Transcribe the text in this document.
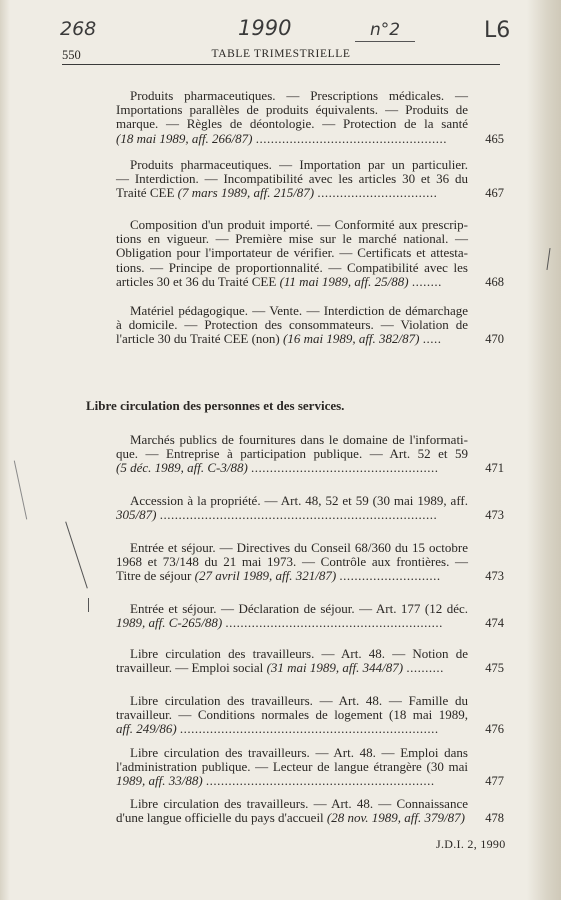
268	1990	n°2	L6
550	TABLE TRIMESTRIELLE
Produits pharmaceutiques. — Prescriptions médicales. —
Importations parallèles de produits équivalents. — Produits de
marque. — Règles de déontologie. — Protection de la santé
(18 mai 1989, aff. 266/87) ...................................................	465
Produits pharmaceutiques. — Importation par un particulier.
— Interdiction. — Incompatibilité avec les articles 30 et 36 du
Traité CEE (7 mars 1989, aff. 215/87) ................................	467
Composition d'un produit importé. — Conformité aux prescrip-
tions en vigueur. — Première mise sur le marché national. —
Obligation pour l'importateur de vérifier. — Certificats et attesta-
tions. — Principe de proportionnalité. — Compatibilité avec les
articles 30 et 36 du Traité CEE (11 mai 1989, aff. 25/88) ........	468
Matériel pédagogique. — Vente. — Interdiction de démarchage
à domicile. — Protection des consommateurs. — Violation de
l'article 30 du Traité CEE (non) (16 mai 1989, aff. 382/87) .....	470
Marchés publics de fournitures dans le domaine de l'informati-
que. — Entreprise à participation publique. — Art. 52 et 59
(5 déc. 1989, aff. C-3/88) ..................................................	471
Accession à la propriété. — Art. 48, 52 et 59 (30 mai 1989, aff.
305/87) ..........................................................................	473
Entrée et séjour. — Directives du Conseil 68/360 du 15 octobre
1968 et 73/148 du 21 mai 1973. — Contrôle aux frontières. —
Titre de séjour (27 avril 1989, aff. 321/87) ...........................	473
Entrée et séjour. — Déclaration de séjour. — Art. 177 (12 déc.
1989, aff. C-265/88) ..........................................................	474
Libre circulation des travailleurs. — Art. 48. — Notion de
travailleur. — Emploi social (31 mai 1989, aff. 344/87) ..........	475
Libre circulation des travailleurs. — Art. 48. — Famille du
travailleur. — Conditions normales de logement (18 mai 1989,
aff. 249/86) .....................................................................	476
Libre circulation des travailleurs. — Art. 48. — Emploi dans
l'administration publique. — Lecteur de langue étrangère (30 mai
1989, aff. 33/88) .............................................................	477
Libre circulation des travailleurs. — Art. 48. — Connaissance
d'une langue officielle du pays d'accueil (28 nov. 1989, aff. 379/87)	478
Libre circulation des personnes et des services.
J.D.I. 2, 1990
